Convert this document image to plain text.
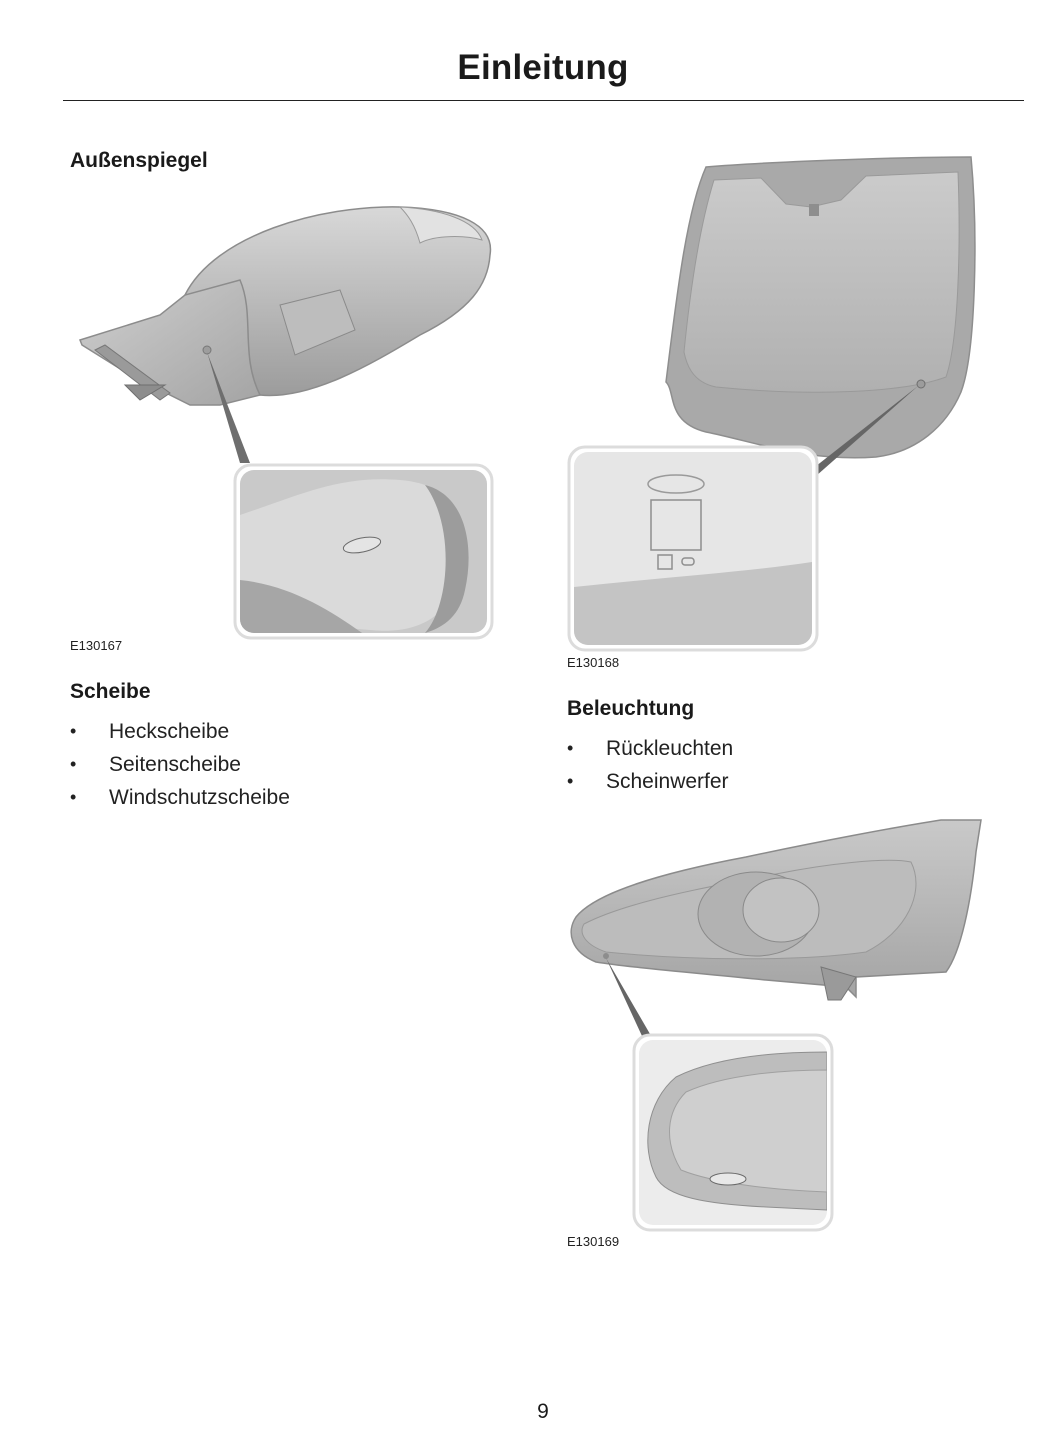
Einleitung
Außenspiegel
E130167
Scheibe
• Heckscheibe
• Seitenscheibe
• Windschutzscheibe
E130168
Beleuchtung
• Rückleuchten
• Scheinwerfer
E130169
9
